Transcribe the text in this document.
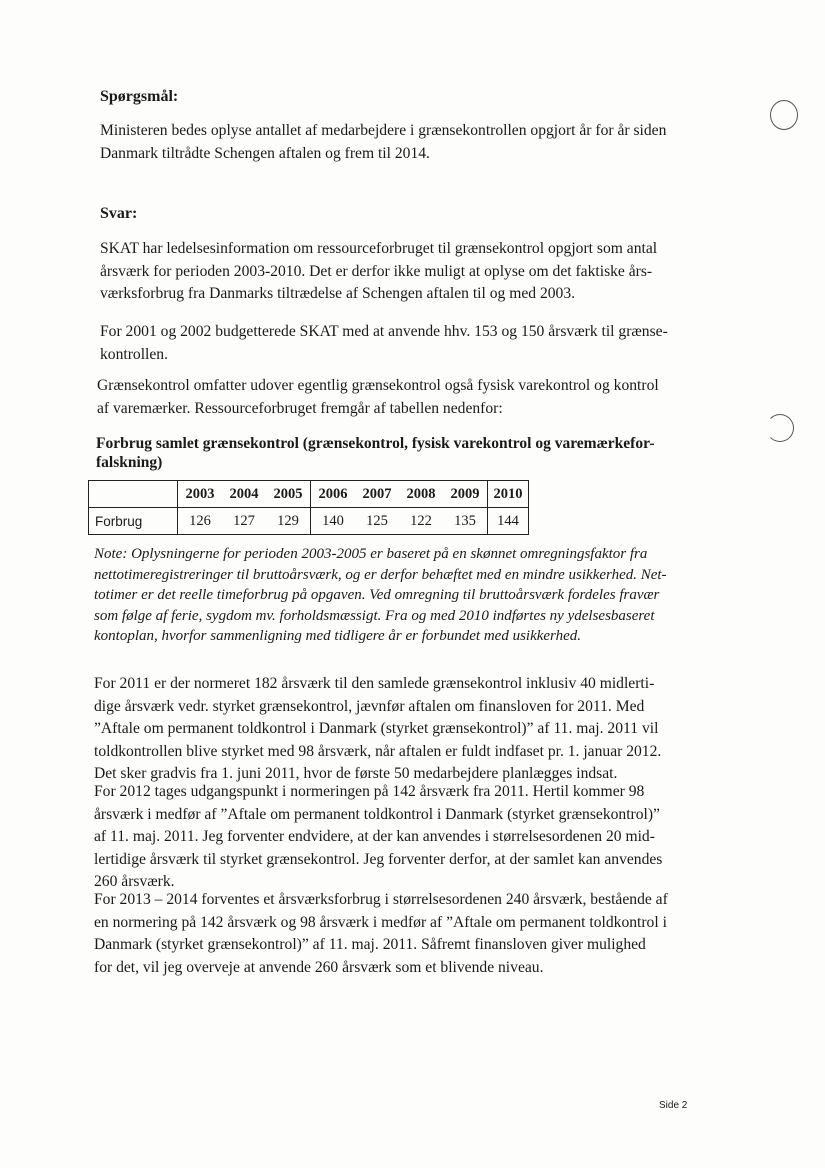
Spørgsmål:

Ministeren bedes oplyse antallet af medarbejdere i grænsekontrollen opgjort år for år siden

Danmark tiltrådte Schengen aftalen og frem til 2014.

Svar:

SKAT har ledelsesinformation om ressourceforbruget til grænsekontrol opgjort som antal

årsværk for perioden 2003-2010. Det er derfor ikke muligt at oplyse om det faktiske års-

værksforbrug fra Danmarks tiltrædelse af Schengen aftalen til og med 2003.

For 2001 og 2002 budgetterede SKAT med at anvende hhv. 153 og 150 årsværk til grænse-

kontrollen.

Grænsekontrol omfatter udover egentlig grænsekontrol også fysisk varekontrol og kontrol

af varemærker. Ressourceforbruget fremgår af tabellen nedenfor:

Forbrug samlet grænsekontrol (grænsekontrol, fysisk varekontrol og varemærkefor-
falskning)
	2003	2004	2005	2006	2007	2008	2009	2010
Forbrug	126	127	129	140	125	122	135	144
Note: Oplysningerne for perioden 2003-2005 er baseret på en skønnet omregningsfaktor fra
nettotimeregistreringer til bruttoårsværk, og er derfor behæftet med en mindre usikkerhed. Net-
totimer er det reelle timeforbrug på opgaven. Ved omregning til bruttoårsværk fordeles fravær
som følge af ferie, sygdom mv. forholdsmæssigt. Fra og med 2010 indførtes ny ydelsesbaseret
kontoplan, hvorfor sammenligning med tidligere år er forbundet med usikkerhed.

For 2011 er der normeret 182 årsværk til den samlede grænsekontrol inklusiv 40 midlerti-

dige årsværk vedr. styrket grænsekontrol, jævnfør aftalen om finansloven for 2011. Med

”Aftale om permanent toldkontrol i Danmark (styrket grænsekontrol)” af 11. maj. 2011 vil

toldkontrollen blive styrket med 98 årsværk, når aftalen er fuldt indfaset pr. 1. januar 2012.

Det sker gradvis fra 1. juni 2011, hvor de første 50 medarbejdere planlægges indsat.

For 2012 tages udgangspunkt i normeringen på 142 årsværk fra 2011. Hertil kommer 98

årsværk i medfør af ”Aftale om permanent toldkontrol i Danmark (styrket grænsekontrol)”

af 11. maj. 2011. Jeg forventer endvidere, at der kan anvendes i størrelsesordenen 20 mid-

lertidige årsværk til styrket grænsekontrol. Jeg forventer derfor, at der samlet kan anvendes

260 årsværk.

For 2013 – 2014 forventes et årsværksforbrug i størrelsesordenen 240 årsværk, bestående af

en normering på 142 årsværk og 98 årsværk i medfør af ”Aftale om permanent toldkontrol i

Danmark (styrket grænsekontrol)” af 11. maj. 2011. Såfremt finansloven giver mulighed

for det, vil jeg overveje at anvende 260 årsværk som et blivende niveau.

Side 2
